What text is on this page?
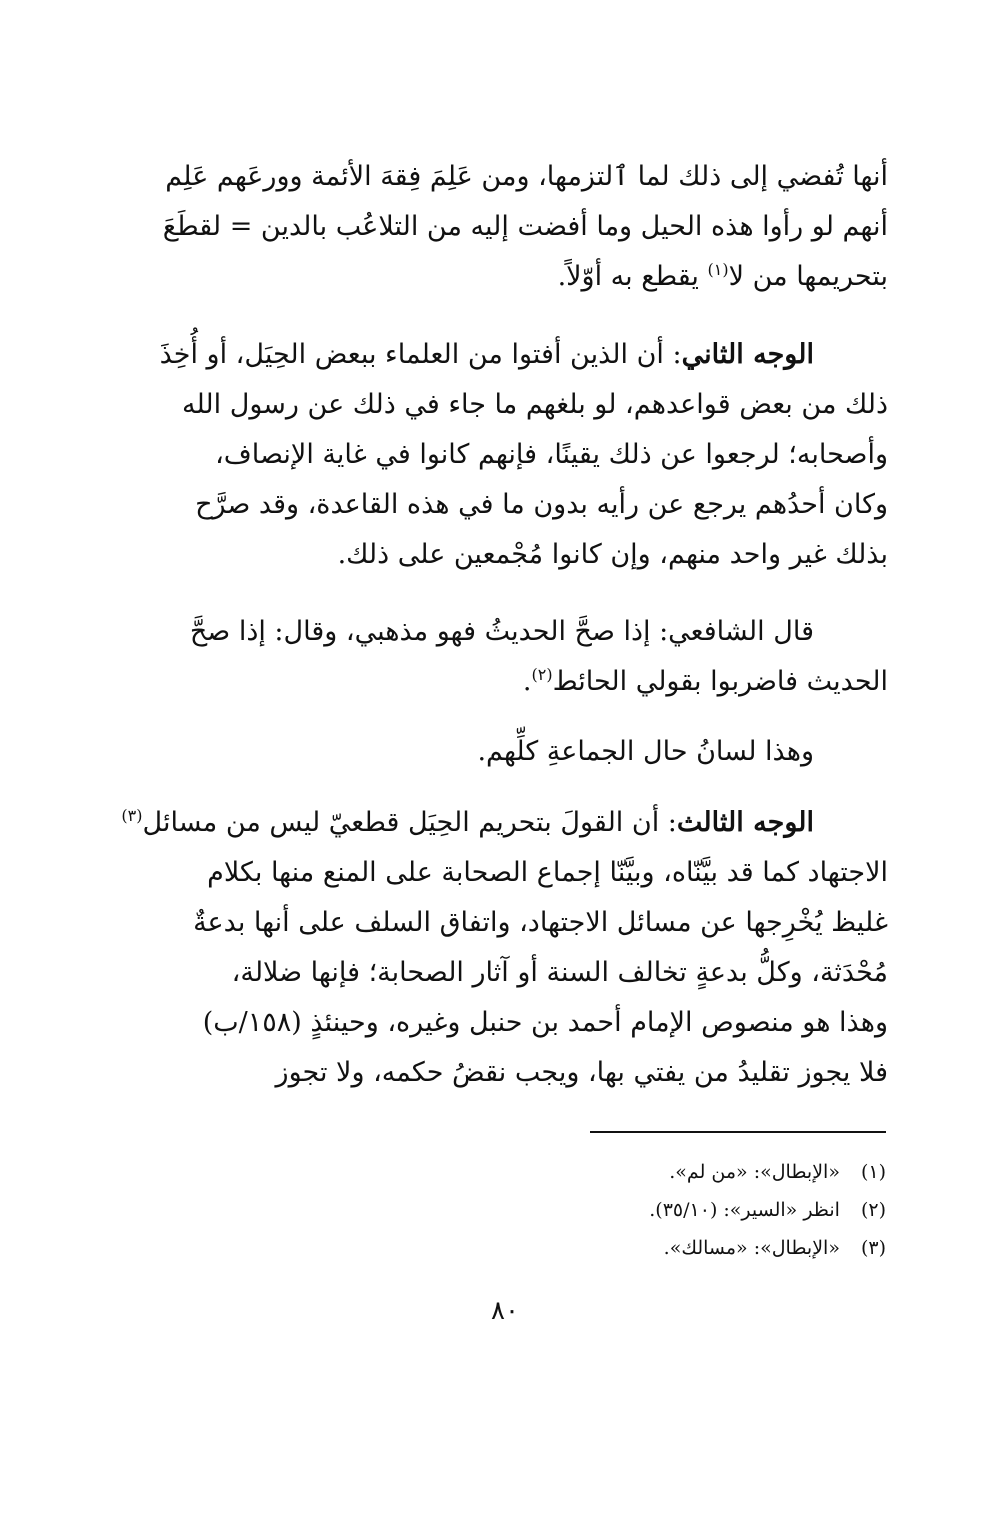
أنها تُفضي إلى ذلك لما ٱلتزمها، ومن عَلِمَ فِقهَ الأئمة وورعَهم عَلِم
أنهم لو رأوا هذه الحيل وما أفضت إليه من التلاعُب بالدين = لقطَعَ
بتحريمها من لا$^{(١)}$ يقطع به أوّلاً.
الوجه الثاني: أن الذين أفتوا من العلماء ببعض الحِيَل، أو أُخِذَ
ذلك من بعض قواعدهم، لو بلغهم ما جاء في ذلك عن رسول الله
وأصحابه؛ لرجعوا عن ذلك يقينًا، فإنهم كانوا في غاية الإنصاف،
وكان أحدُهم يرجع عن رأيه بدون ما في هذه القاعدة، وقد صرَّح
بذلك غير واحد منهم، وإن كانوا مُجْمعين على ذلك.
قال الشافعي: إذا صحَّ الحديثُ فهو مذهبي، وقال: إذا صحَّ
الحديث فاضربوا بقولي الحائط$^{(٢)}$.
وهذا لسانُ حال الجماعةِ كلِّهم.
الوجه الثالث: أن القولَ بتحريم الحِيَل قطعيّ ليس من مسائل$^{(٣)}$
الاجتهاد كما قد بيَّنّاه، وبيَّنّا إجماع الصحابة على المنع منها بكلام
غليظ يُخْرِجها عن مسائل الاجتهاد، واتفاق السلف على أنها بدعةٌ
مُحْدَثة، وكلُّ بدعةٍ تخالف السنة أو آثار الصحابة؛ فإنها ضلالة،
وهذا هو منصوص الإمام أحمد بن حنبل وغيره، وحينئذٍ (١٥٨/ب)
فلا يجوز تقليدُ من يفتي بها، ويجب نقضُ حكمه، ولا تجوز
(١) «الإبطال»: «من لم».
(٢) انظر «السير»: (٣٥/١٠).
(٣) «الإبطال»: «مسالك».
٨٠
